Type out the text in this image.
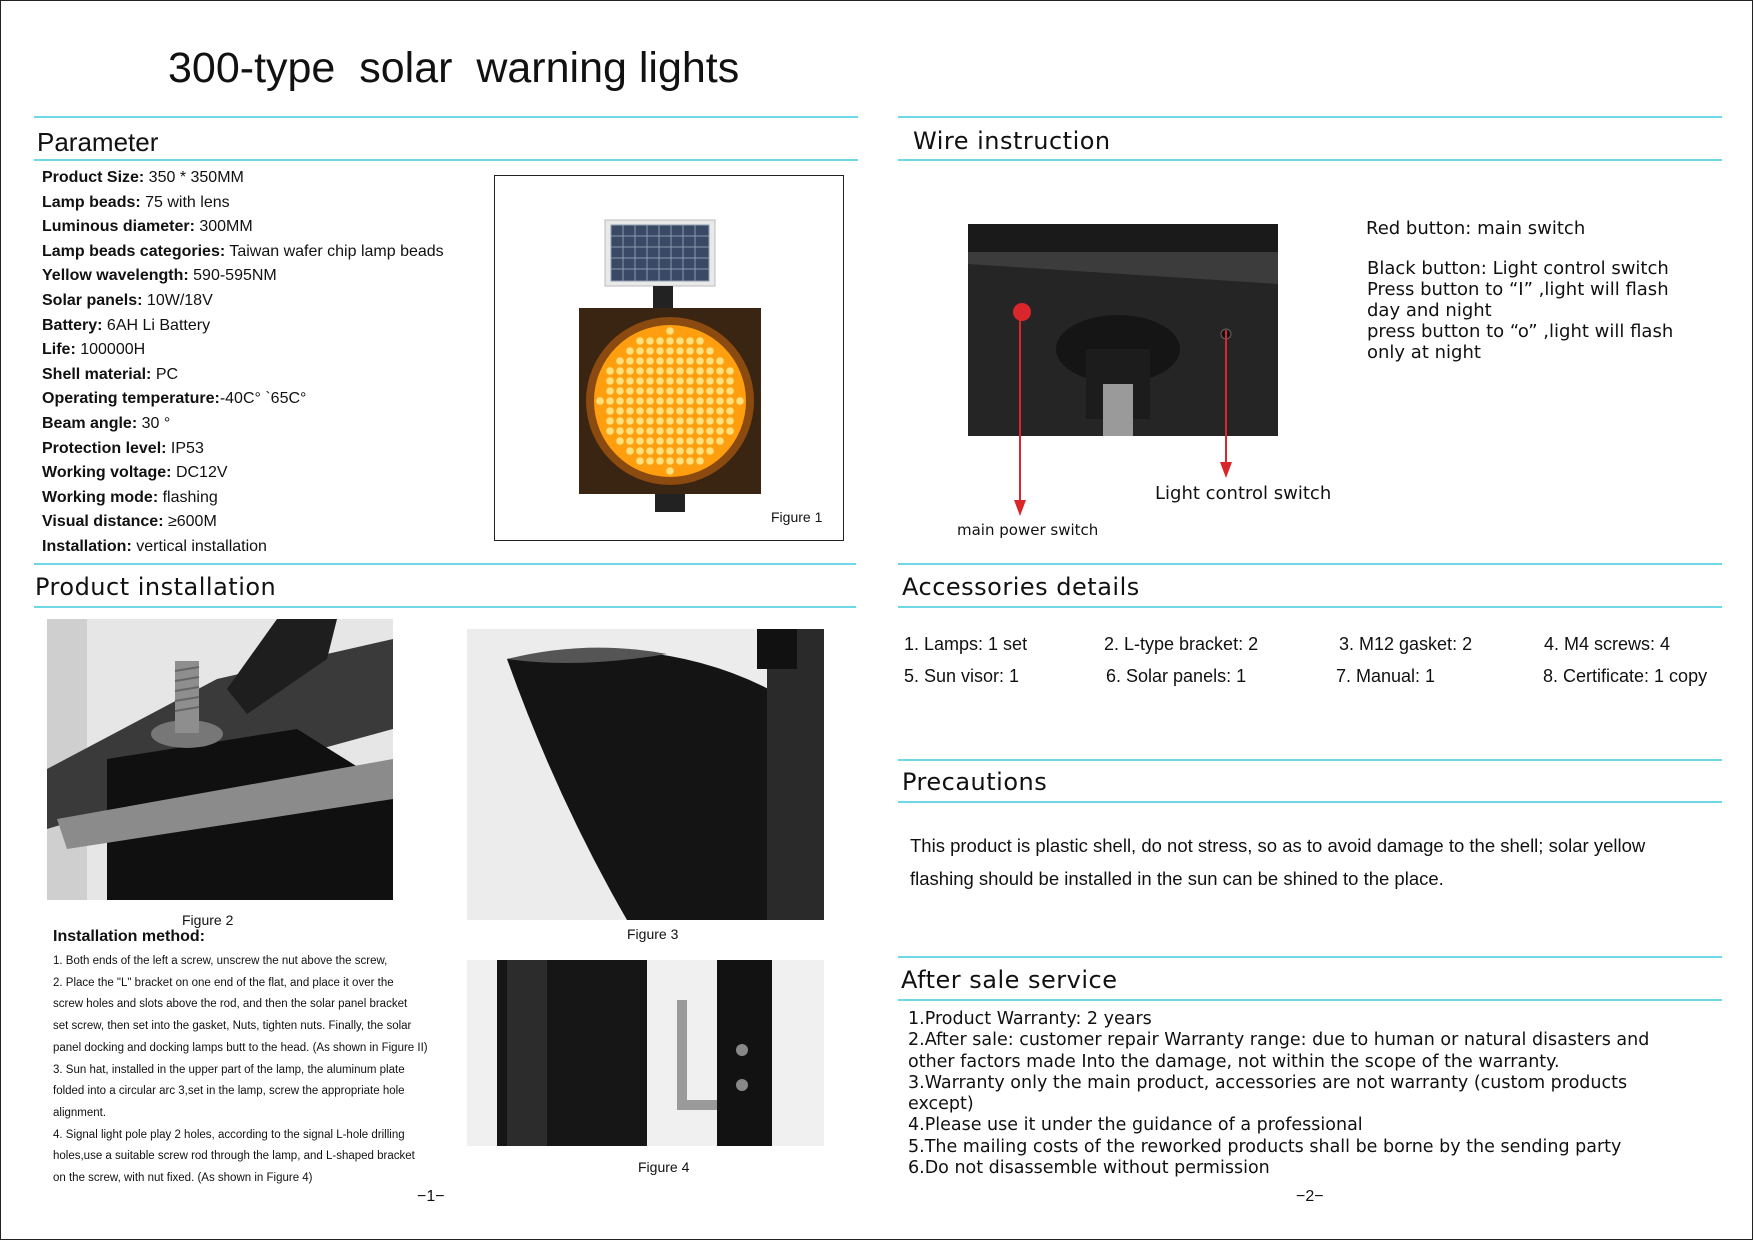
300-type  solar  warning lights
Parameter
Product Size: 350 * 350MM
Lamp beads: 75 with lens
Luminous diameter: 300MM
Lamp beads categories: Taiwan wafer chip lamp beads
Yellow wavelength: 590-595NM
Solar panels: 10W/18V
Battery: 6AH Li Battery
Life: 100000H
Shell material: PC
Operating temperature:-40C° `65C°
Beam angle: 30 °
Protection level: IP53
Working voltage: DC12V
Working mode: flashing
Visual distance: ≥600M
Installation: vertical installation
Figure 1
Product installation
Figure 2
Figure 3
Figure 4
Installation method:
1. Both ends of the left a screw, unscrew the nut above the screw,
2. Place the "L" bracket on one end of the flat, and place it over the
screw holes and slots above the rod, and then the solar panel bracket
set screw, then set into the gasket, Nuts, tighten nuts. Finally, the solar
panel docking and docking lamps butt to the head. (As shown in Figure II)
3. Sun hat, installed in the upper part of the lamp, the aluminum plate
folded into a circular arc 3,set in the lamp, screw the appropriate hole
alignment.
4. Signal light pole play 2 holes, according to the signal L-hole drilling
holes,use a suitable screw rod through the lamp, and L-shaped bracket
on the screw, with nut fixed. (As shown in Figure 4)
−1−
Wire instruction
Light control switch
main power switch
Red button: main switch
Black button: Light control switch
Press button to “I” ,light will flash
day and night
press button to “o” ,light will flash
only at night
Accessories details
1. Lamps: 1 set	2. L-type bracket: 2	3. M12 gasket: 2	4. M4 screws: 4
5. Sun visor: 1	6. Solar panels: 1	7. Manual: 1	8. Certificate: 1 copy
Precautions
This product is plastic shell, do not stress, so as to avoid damage to the shell; solar yellow
flashing should be installed in the sun can be shined to the place.
After sale service
1.Product Warranty: 2 years
2.After sale: customer repair Warranty range: due to human or natural disasters and
other factors made Into the damage, not within the scope of the warranty.
3.Warranty only the main product, accessories are not warranty (custom products
except)
4.Please use it under the guidance of a professional
5.The mailing costs of the reworked products shall be borne by the sending party
6.Do not disassemble without permission
−2−
